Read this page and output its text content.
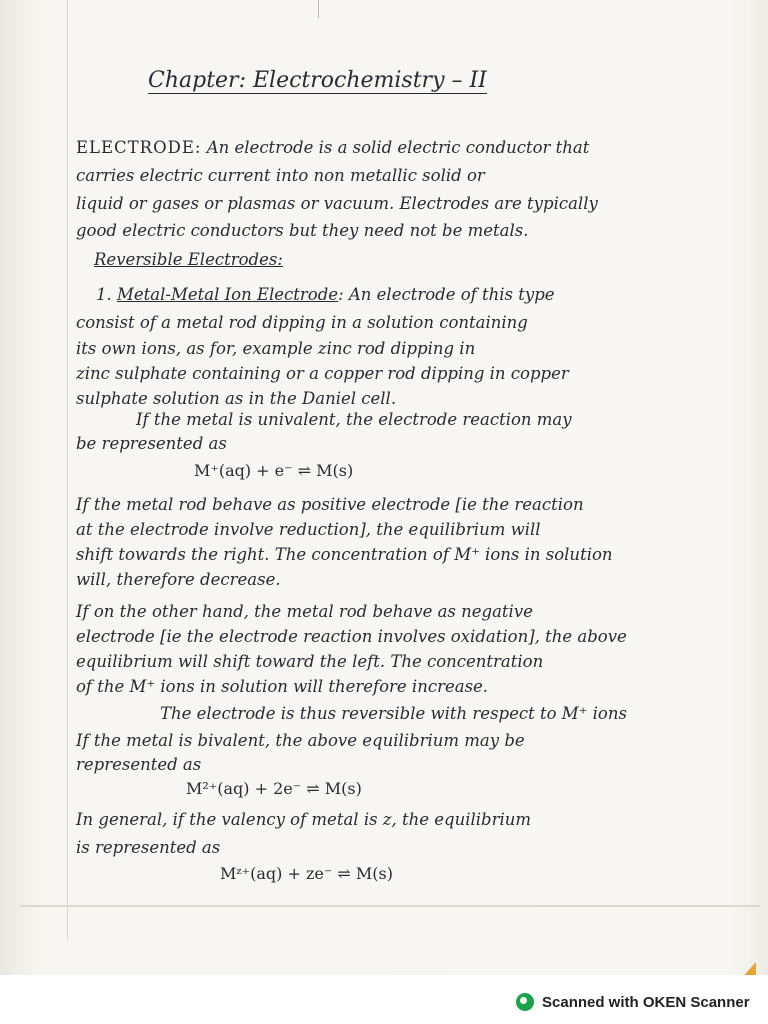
Chapter: Electrochemistry – II
ELECTRODE: An electrode is a solid electric conductor that
carries electric current into non metallic solid or
liquid or gases or plasmas or vacuum. Electrodes are typically
good electric conductors but they need not be metals.
Reversible Electrodes:
1. Metal-Metal Ion Electrode: An electrode of this type
consist of a metal rod dipping in a solution containing
its own ions, as for, example zinc rod dipping in
zinc sulphate containing or a copper rod dipping in copper
sulphate solution as in the Daniel cell.
If the metal is univalent, the electrode reaction may
be represented as
M⁺(aq) + e⁻ ⇌ M(s)
If the metal rod behave as positive electrode [ie the reaction
at the electrode involve reduction], the equilibrium will
shift towards the right. The concentration of M⁺ ions in solution
will, therefore decrease.
If on the other hand, the metal rod behave as negative
electrode [ie the electrode reaction involves oxidation], the above
equilibrium will shift toward the left. The concentration
of the M⁺ ions in solution will therefore increase.
The electrode is thus reversible with respect to M⁺ ions
If the metal is bivalent, the above equilibrium may be
represented as
M²⁺(aq) + 2e⁻ ⇌ M(s)
In general, if the valency of metal is z, the equilibrium
is represented as
Mᶻ⁺(aq) + ze⁻ ⇌ M(s)
Scanned with OKEN Scanner
